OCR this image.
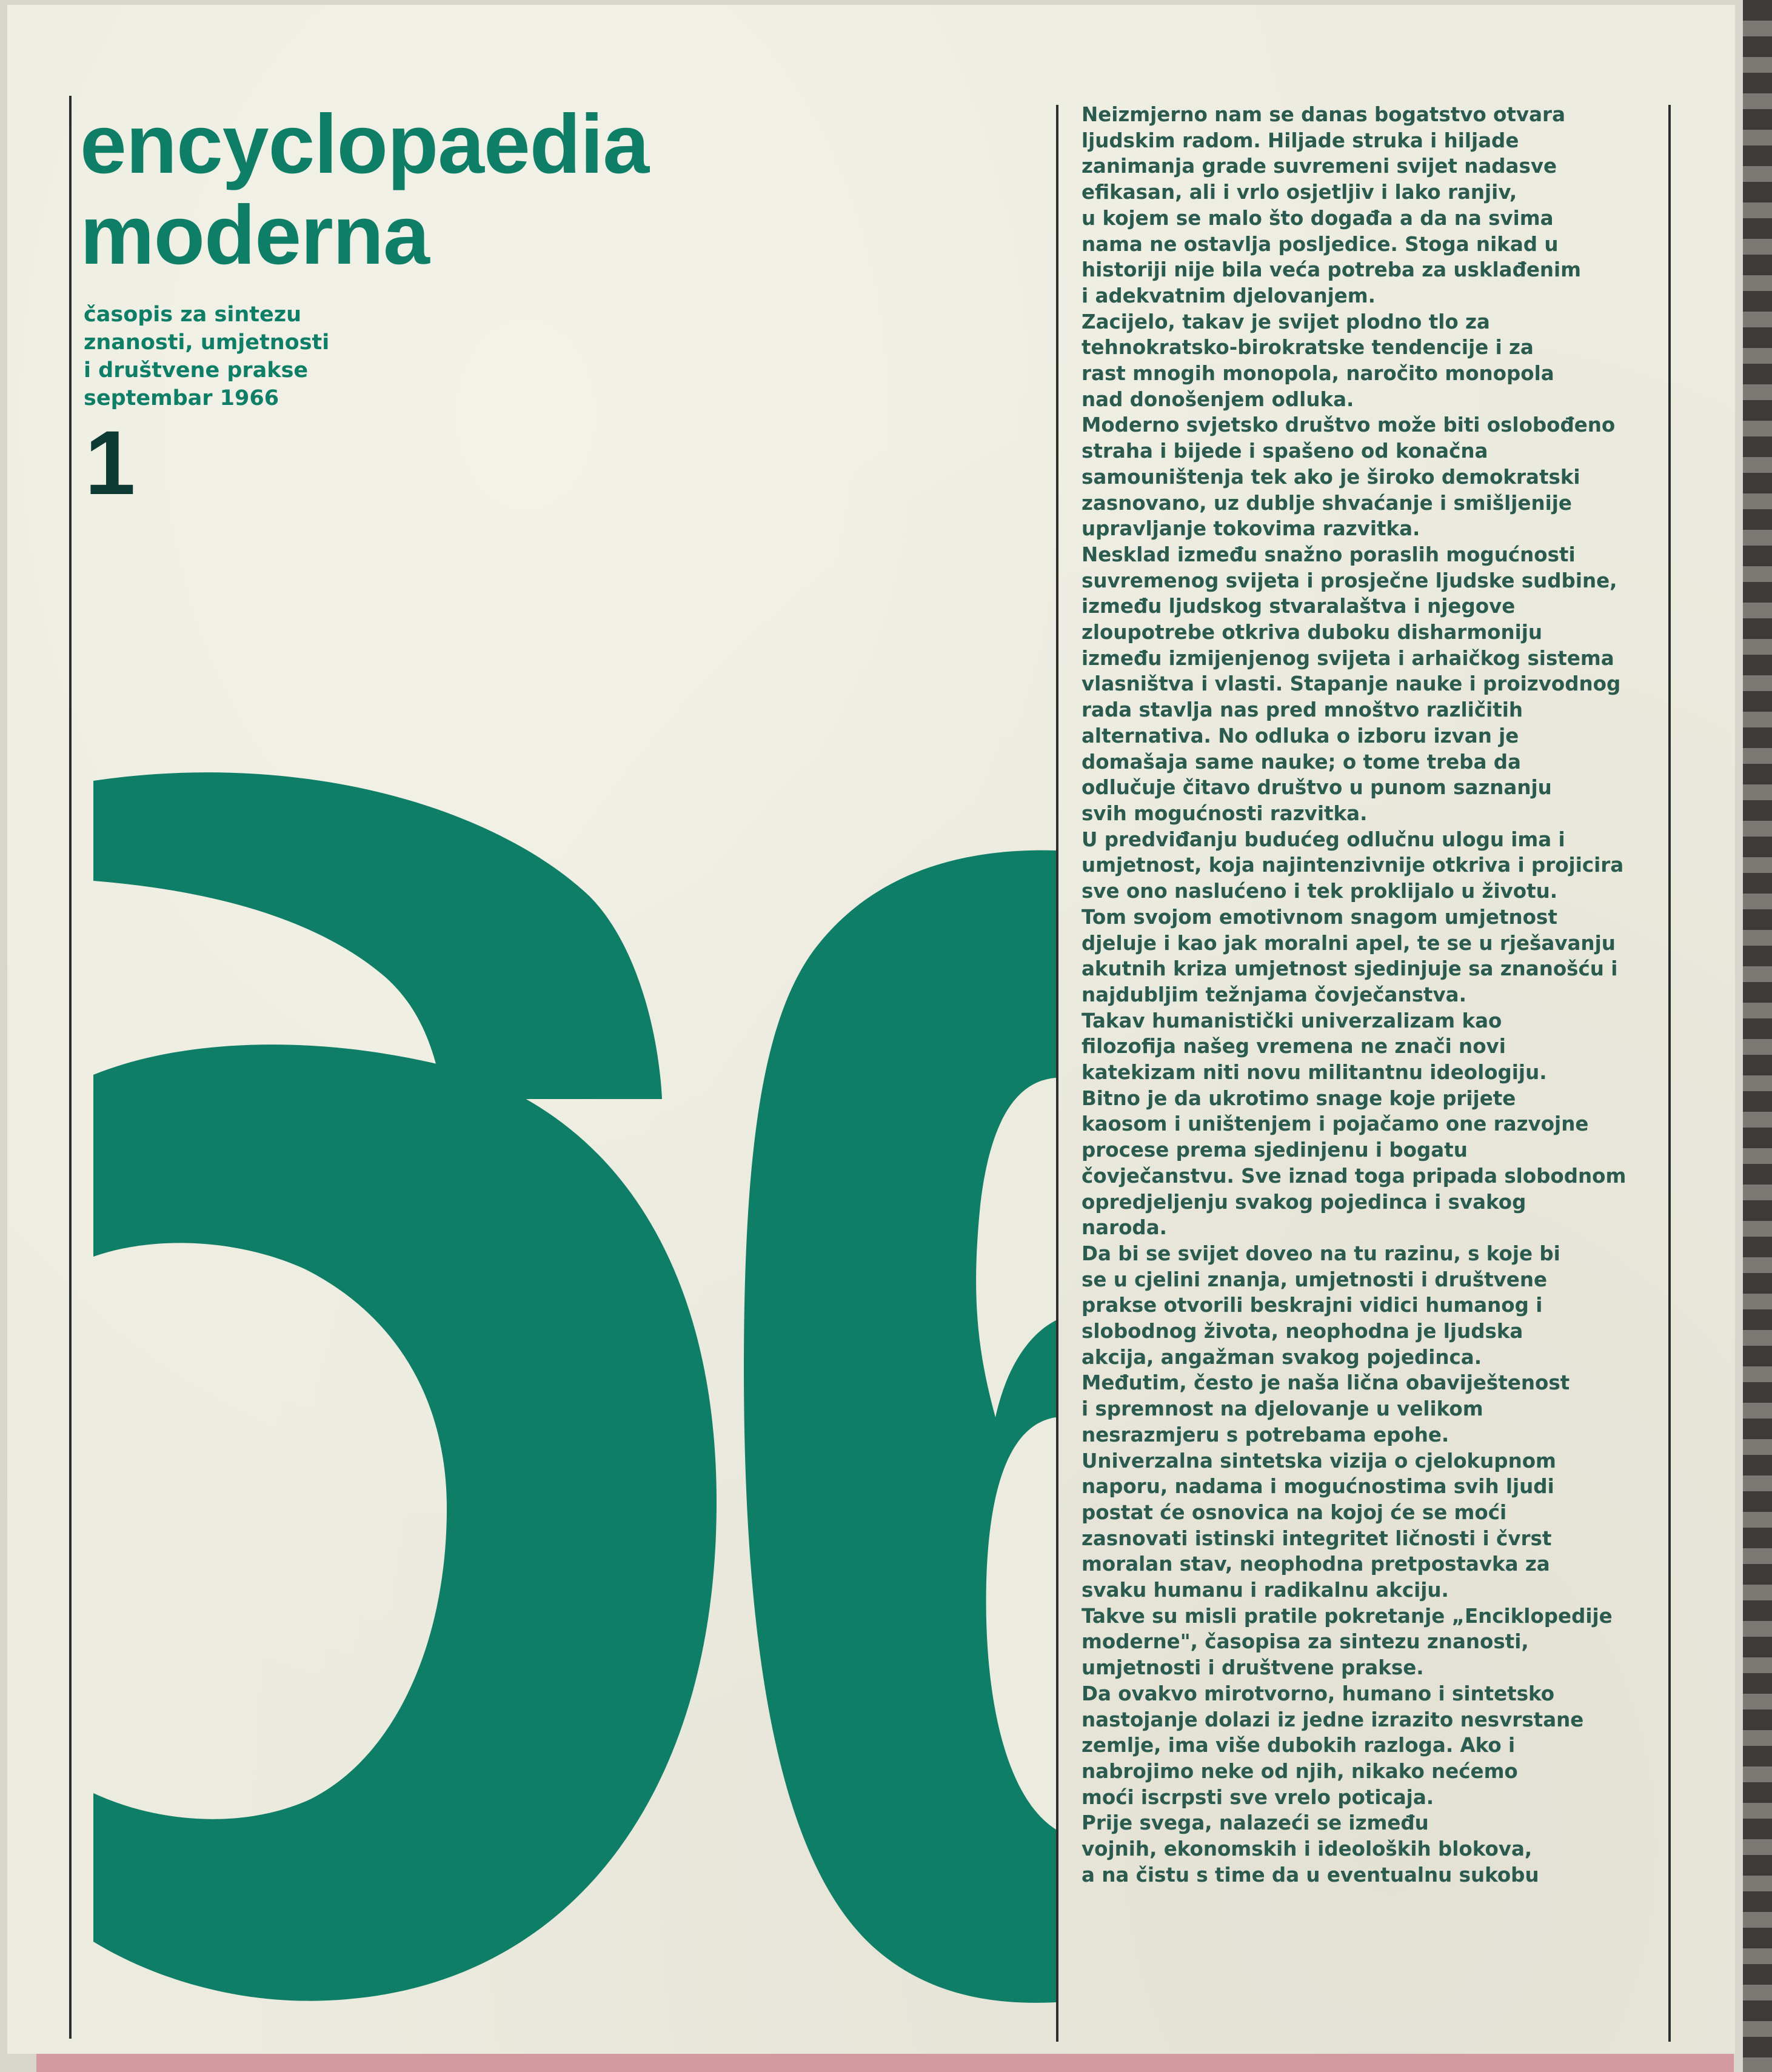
encyclopaedia
moderna
časopis za sintezu
znanosti, umjetnosti
i društvene prakse
septembar 1966
1
Neizmjerno nam se danas bogatstvo otvara
ljudskim radom. Hiljade struka i hiljade
zanimanja grade suvremeni svijet nadasve
efikasan, ali i vrlo osjetljiv i lako ranjiv,
u kojem se malo što događa a da na svima
nama ne ostavlja posljedice. Stoga nikad u
historiji nije bila veća potreba za usklađenim
i adekvatnim djelovanjem.
Zacijelo, takav je svijet plodno tlo za
tehnokratsko-birokratske tendencije i za
rast mnogih monopola, naročito monopola
nad donošenjem odluka.
Moderno svjetsko društvo može biti oslobođeno
straha i bijede i spašeno od konačna
samouništenja tek ako je široko demokratski
zasnovano, uz dublje shvaćanje i smišljenije
upravljanje tokovima razvitka.
Nesklad između snažno poraslih mogućnosti
suvremenog svijeta i prosječne ljudske sudbine,
između ljudskog stvaralaštva i njegove
zloupotrebe otkriva duboku disharmoniju
između izmijenjenog svijeta i arhaičkog sistema
vlasništva i vlasti. Stapanje nauke i proizvodnog
rada stavlja nas pred mnoštvo različitih
alternativa. No odluka o izboru izvan je
domašaja same nauke; o tome treba da
odlučuje čitavo društvo u punom saznanju
svih mogućnosti razvitka.
U predviđanju budućeg odlučnu ulogu ima i
umjetnost, koja najintenzivnije otkriva i projicira
sve ono naslućeno i tek proklijalo u životu.
Tom svojom emotivnom snagom umjetnost
djeluje i kao jak moralni apel, te se u rješavanju
akutnih kriza umjetnost sjedinjuje sa znanošću i
najdubljim težnjama čovječanstva.
Takav humanistički univerzalizam kao
filozofija našeg vremena ne znači novi
katekizam niti novu militantnu ideologiju.
Bitno je da ukrotimo snage koje prijete
kaosom i uništenjem i pojačamo one razvojne
procese prema sjedinjenu i bogatu
čovječanstvu. Sve iznad toga pripada slobodnom
opredjeljenju svakog pojedinca i svakog
naroda.
Da bi se svijet doveo na tu razinu, s koje bi
se u cjelini znanja, umjetnosti i društvene
prakse otvorili beskrajni vidici humanog i
slobodnog života, neophodna je ljudska
akcija, angažman svakog pojedinca.
Međutim, često je naša lična obaviještenost
i spremnost na djelovanje u velikom
nesrazmjeru s potrebama epohe.
Univerzalna sintetska vizija o cjelokupnom
naporu, nadama i mogućnostima svih ljudi
postat će osnovica na kojoj će se moći
zasnovati istinski integritet ličnosti i čvrst
moralan stav, neophodna pretpostavka za
svaku humanu i radikalnu akciju.
Takve su misli pratile pokretanje „Enciklopedije
moderne", časopisa za sintezu znanosti,
umjetnosti i društvene prakse.
Da ovakvo mirotvorno, humano i sintetsko
nastojanje dolazi iz jedne izrazito nesvrstane
zemlje, ima više dubokih razloga. Ako i
nabrojimo neke od njih, nikako nećemo
moći iscrpsti sve vrelo poticaja.
Prije svega, nalazeći se između
vojnih, ekonomskih i ideoloških blokova,
a na čistu s time da u eventualnu sukobu
